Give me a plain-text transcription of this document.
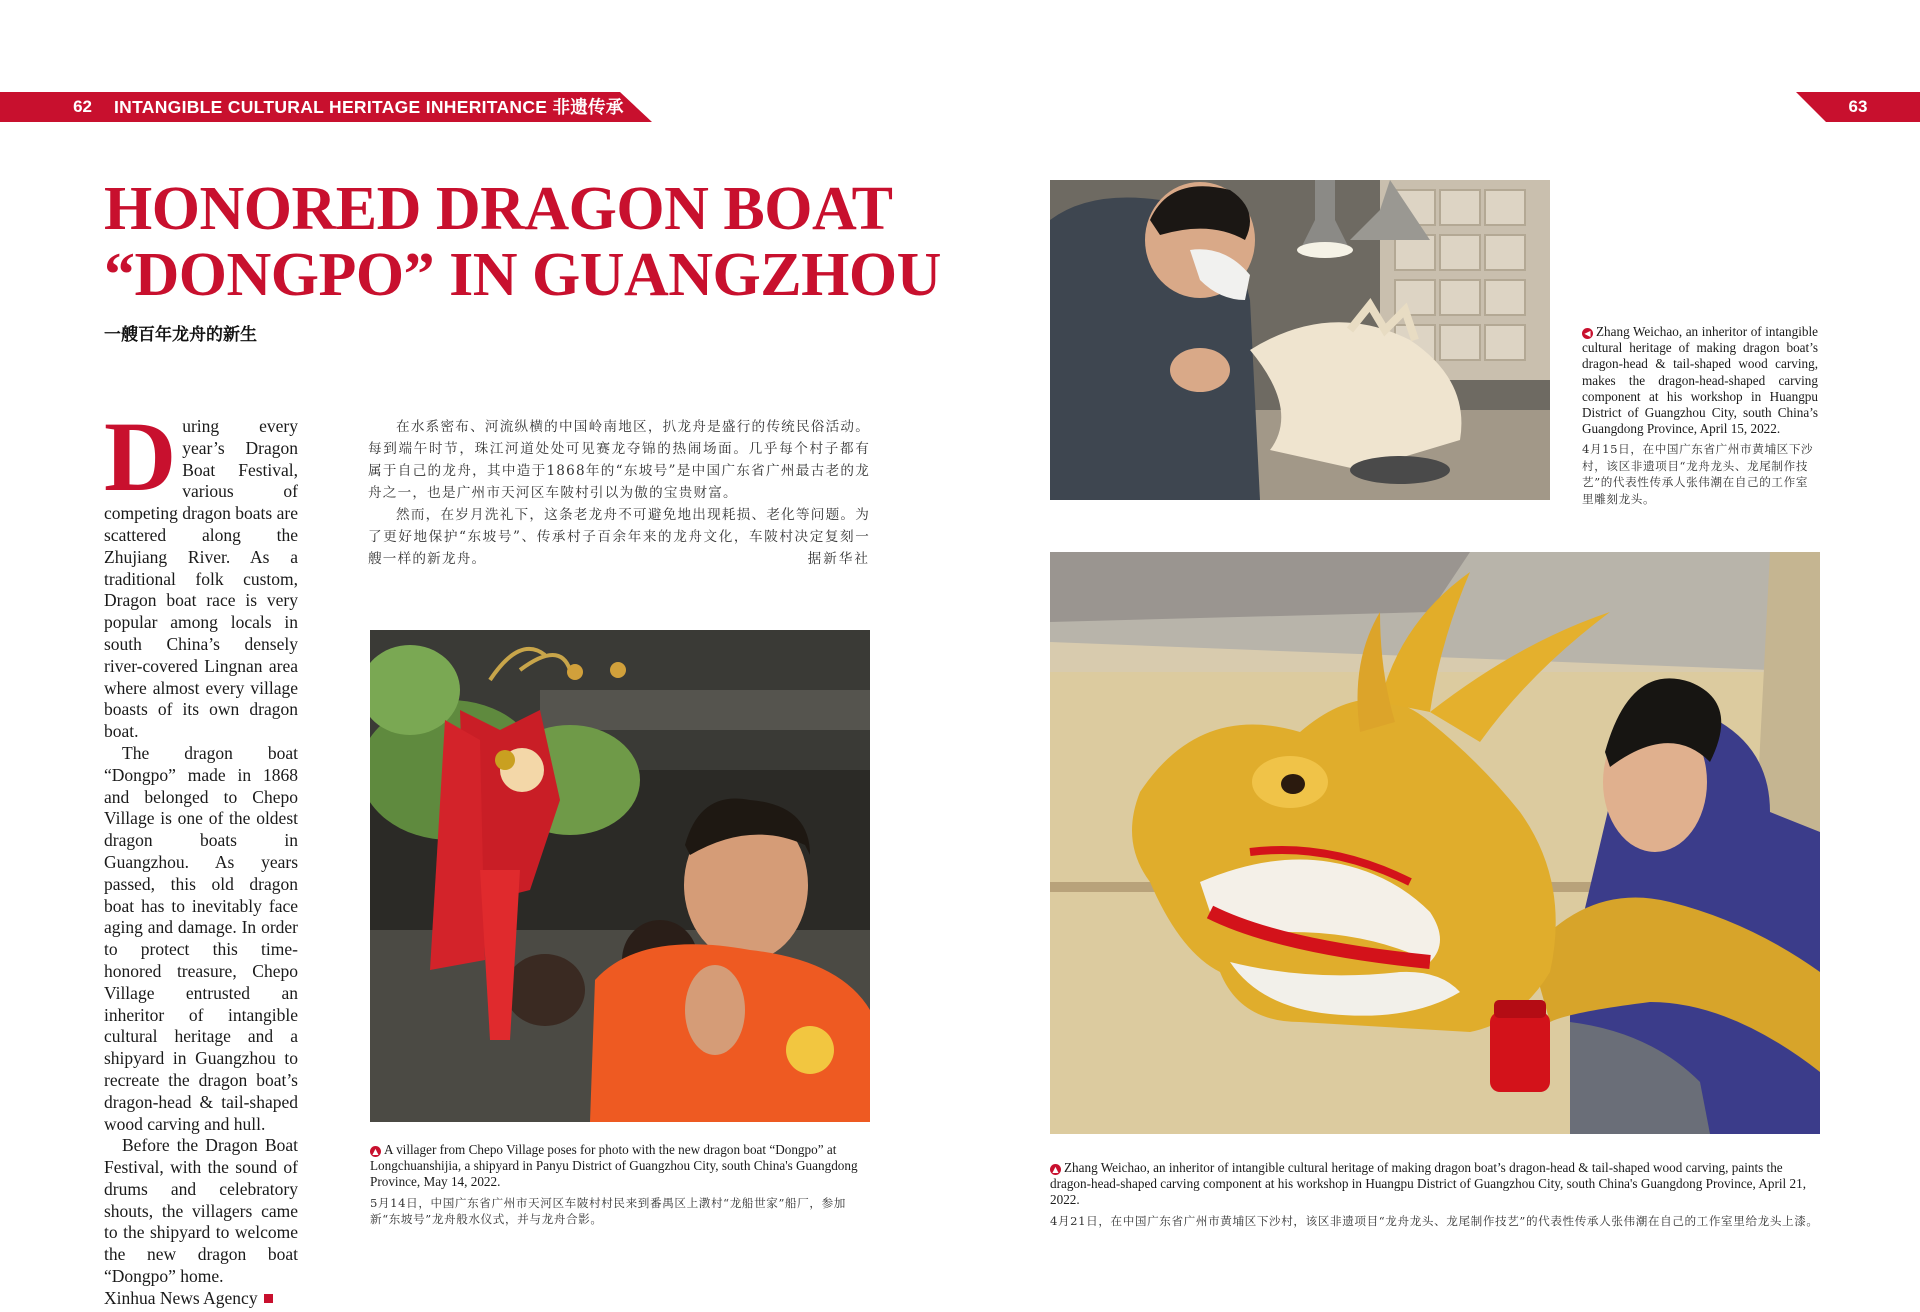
62	INTANGIBLE CULTURAL HERITAGE INHERITANCE 非遗传承	63
HONORED DRAGON BOAT
“DONGPO” IN GUANGZHOU
一艘百年龙舟的新生

During every year’s Dragon Boat Festival, various of competing dragon boats are scattered along the Zhujiang River. As a traditional folk custom, Dragon boat race is very popular among locals in south China’s densely river-covered Lingnan area where almost every village boasts of its own dragon boat.

The dragon boat “Dongpo” made in 1868 and belonged to Chepo Village is one of the oldest dragon boats in Guangzhou. As years passed, this old dragon boat has to inevitably face aging and damage. In order to protect this time-honored treasure, Chepo Village entrusted an inheritor of intangible cultural heritage and a shipyard in Guangzhou to recreate the dragon boat’s dragon-head & tail-shaped wood carving and hull.

Before the Dragon Boat Festival, with the sound of drums and celebratory shouts, the villagers came to the shipyard to welcome the new dragon boat “Dongpo” home.

Xinhua News Agency

在水系密布、河流纵横的中国岭南地区，扒龙舟是盛行的传统民俗活动。每到端午时节，珠江河道处处可见赛龙夺锦的热闹场面。几乎每个村子都有属于自己的龙舟，其中造于1868年的“东坡号”是中国广东省广州最古老的龙舟之一，也是广州市天河区车陂村引以为傲的宝贵财富。

然而，在岁月洗礼下，这条老龙舟不可避免地出现耗损、老化等问题。为了更好地保护“东坡号”、传承村子百余年来的龙舟文化，车陂村决定复刻一艘一样的新龙舟。	据新华社

▲ A villager from Chepo Village poses for photo with the new dragon boat “Dongpo” at Longchuanshijia, a shipyard in Panyu District of Guangzhou City, south China's Guangdong Province, May 14, 2022.

5月14日，中国广东省广州市天河区车陂村村民来到番禺区上漖村“龙船世家”船厂，参加新“东坡号”龙舟般水仪式，并与龙舟合影。

◀ Zhang Weichao, an inheritor of intangible cultural heritage of making dragon boat’s dragon-head & tail-shaped wood carving, makes the dragon-head-shaped carving component at his workshop in Huangpu District of Guangzhou City, south China’s Guangdong Province, April 15, 2022.

4月15日，在中国广东省广州市黄埔区下沙村，该区非遗项目“龙舟龙头、龙尾制作技艺”的代表性传承人张伟潮在自己的工作室里雕刻龙头。

▲ Zhang Weichao, an inheritor of intangible cultural heritage of making dragon boat’s dragon-head & tail-shaped wood carving, paints the dragon-head-shaped carving component at his workshop in Huangpu District of Guangzhou City, south China's Guangdong Province, April 21, 2022.

4月21日，在中国广东省广州市黄埔区下沙村，该区非遗项目“龙舟龙头、龙尾制作技艺”的代表性传承人张伟潮在自己的工作室里给龙头上漆。
